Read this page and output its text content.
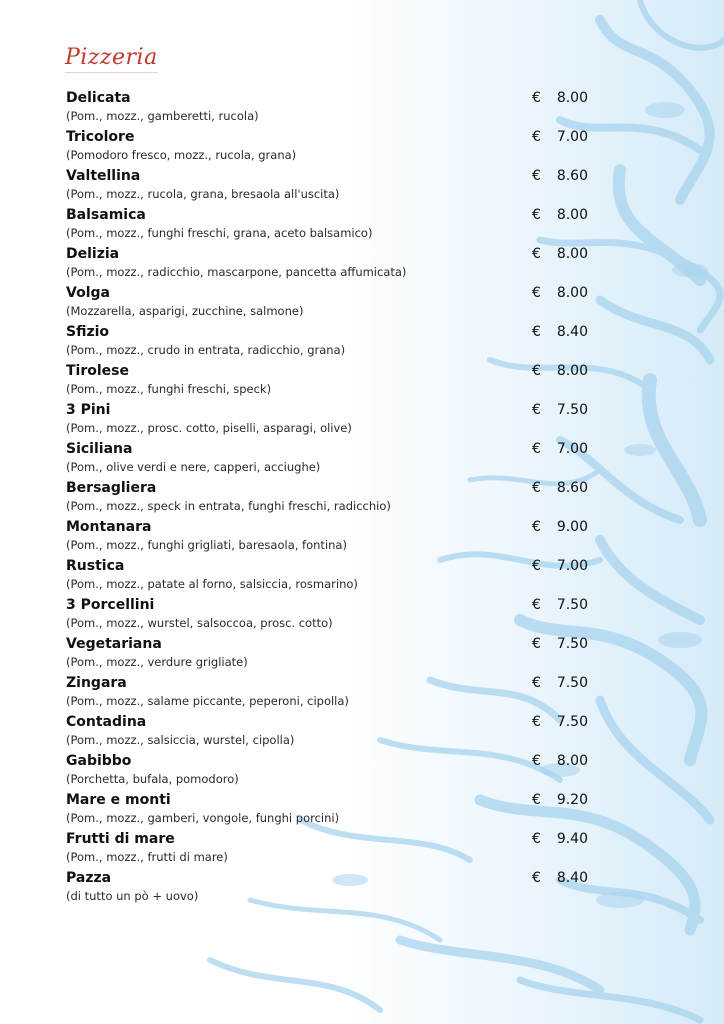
Pizzeria
Delicata
(Pom., mozz., gamberetti, rucola)
€ 8.00
Tricolore
(Pomodoro fresco, mozz., rucola, grana)
€ 7.00
Valtellina
(Pom., mozz., rucola, grana, bresaola all'uscita)
€ 8.60
Balsamica
(Pom., mozz., funghi freschi, grana, aceto balsamico)
€ 8.00
Delizia
(Pom., mozz., radicchio, mascarpone, pancetta affumicata)
€ 8.00
Volga
(Mozzarella, asparigi, zucchine, salmone)
€ 8.00
Sfizio
(Pom., mozz., crudo in entrata, radicchio, grana)
€ 8.40
Tirolese
(Pom., mozz., funghi freschi, speck)
€ 8.00
3 Pini
(Pom., mozz., prosc. cotto, piselli, asparagi, olive)
€ 7.50
Siciliana
(Pom., olive verdi e nere, capperi, acciughe)
€ 7.00
Bersagliera
(Pom., mozz., speck in entrata, funghi freschi, radicchio)
€ 8.60
Montanara
(Pom., mozz., funghi grigliati, baresaola, fontina)
€ 9.00
Rustica
(Pom., mozz., patate al forno, salsiccia, rosmarino)
€ 7.00
3 Porcellini
(Pom., mozz., wurstel, salsoccoa, prosc. cotto)
€ 7.50
Vegetariana
(Pom., mozz., verdure grigliate)
€ 7.50
Zingara
(Pom., mozz., salame piccante, peperoni, cipolla)
€ 7.50
Contadina
(Pom., mozz., salsiccia, wurstel, cipolla)
€ 7.50
Gabibbo
(Porchetta, bufala, pomodoro)
€ 8.00
Mare e monti
(Pom., mozz., gamberi, vongole, funghi porcini)
€ 9.20
Frutti di mare
(Pom., mozz., frutti di mare)
€ 9.40
Pazza
(di tutto un pò + uovo)
€ 8.40
